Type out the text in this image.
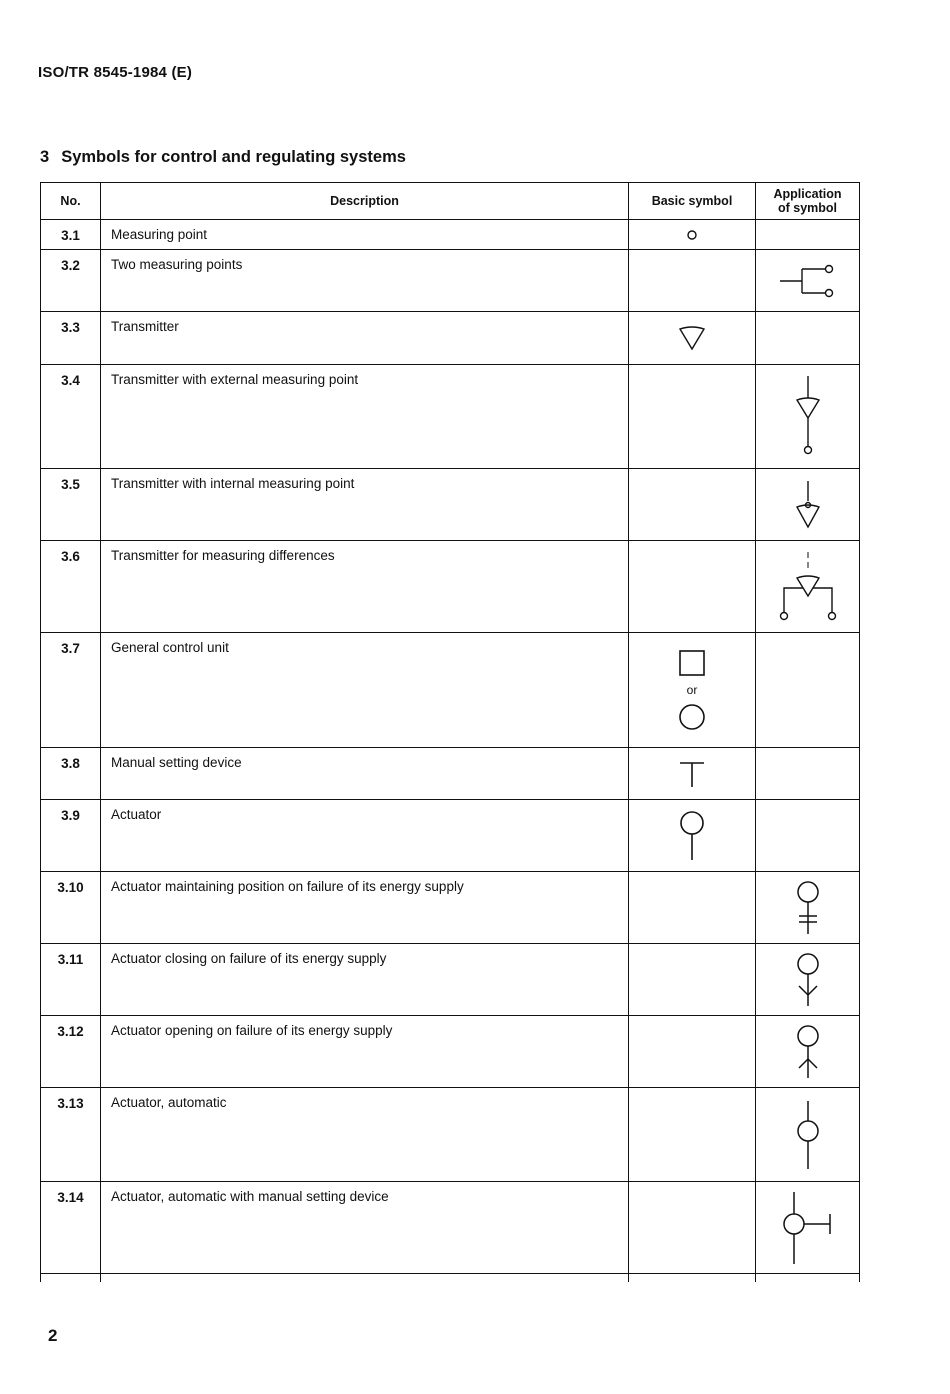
ISO/TR 8545-1984 (E)
3 Symbols for control and regulating systems
No.	Description	Basic symbol	Application
of symbol
3.1	Measuring point
3.2	Two measuring points
3.3	Transmitter
3.4	Transmitter with external measuring point
3.5	Transmitter with internal measuring point
3.6	Transmitter for measuring differences
3.7	General control unit
or
3.8	Manual setting device
3.9	Actuator
3.10	Actuator maintaining position on failure of its energy supply
3.11	Actuator closing on failure of its energy supply
3.12	Actuator opening on failure of its energy supply
3.13	Actuator, automatic
3.14	Actuator, automatic with manual setting device
2
